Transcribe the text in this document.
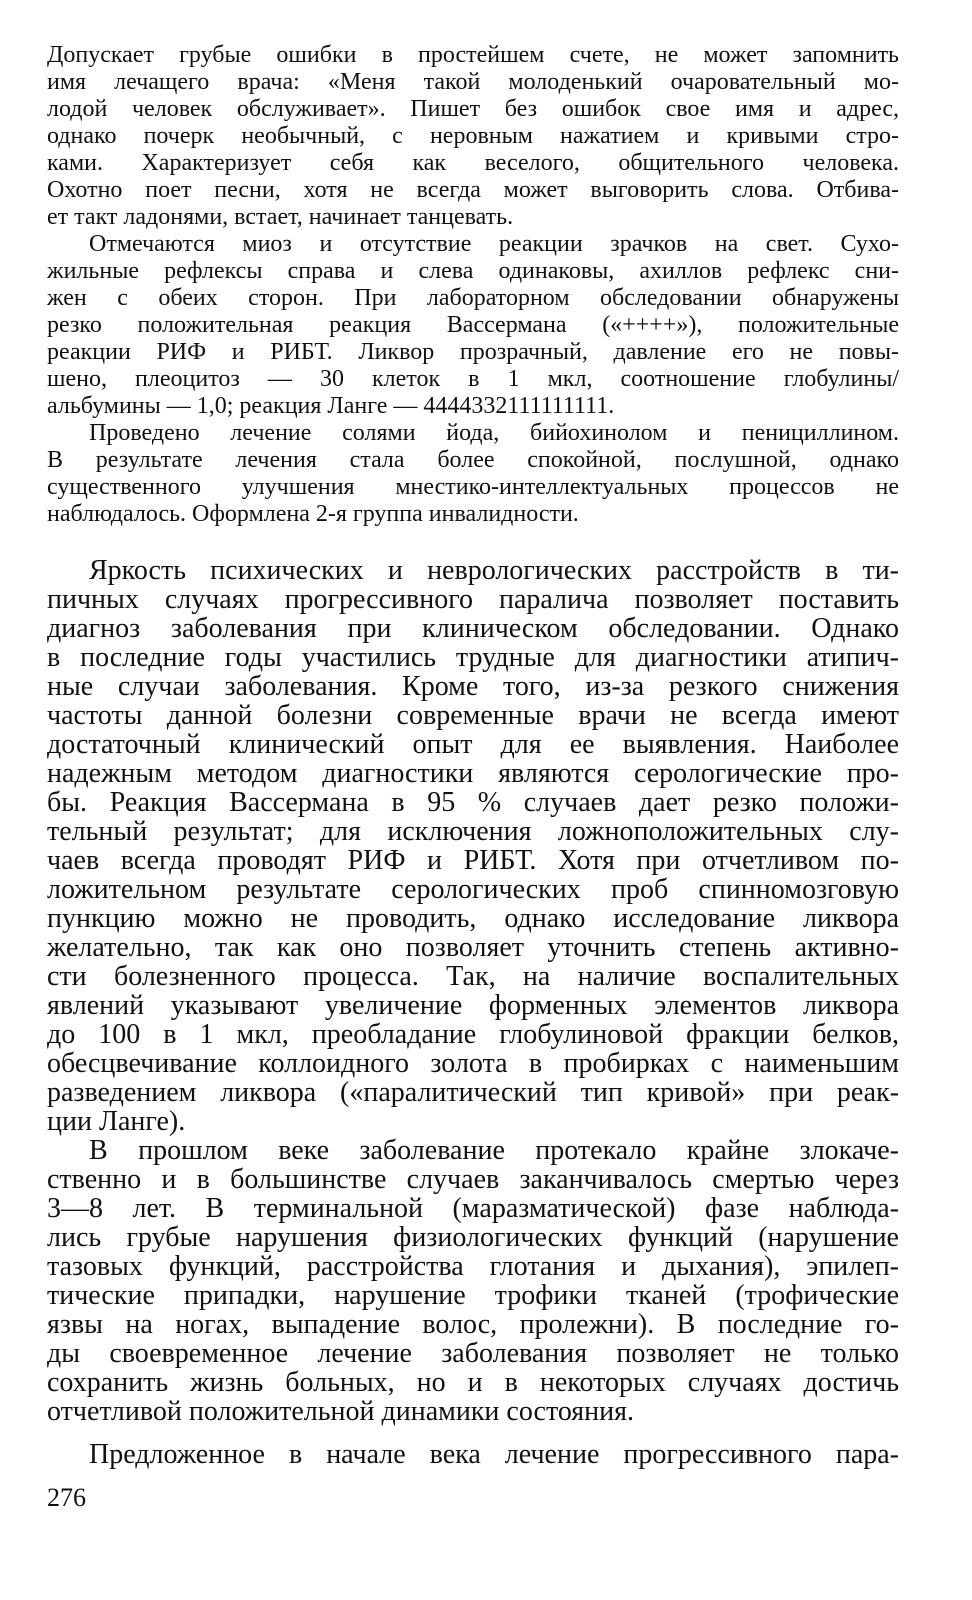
Допускает грубые ошибки в простейшем счете, не может запомнить
имя лечащего врача: «Меня такой молоденький очаровательный мо-
лодой человек обслуживает». Пишет без ошибок свое имя и адрес,
однако почерк необычный, с неровным нажатием и кривыми стро-
ками. Характеризует себя как веселого, общительного человека.
Охотно поет песни, хотя не всегда может выговорить слова. Отбива-
ет такт ладонями, встает, начинает танцевать.
Отмечаются миоз и отсутствие реакции зрачков на свет. Сухо-
жильные рефлексы справа и слева одинаковы, ахиллов рефлекс сни-
жен с обеих сторон. При лабораторном обследовании обнаружены
резко положительная реакция Вассермана («++++»), положительные
реакции РИФ и РИБТ. Ликвор прозрачный, давление его не повы-
шено, плеоцитоз — 30 клеток в 1 мкл, соотношение глобулины/
альбумины — 1,0; реакция Ланге — 4444332111111111.
Проведено лечение солями йода, бийохинолом и пенициллином.
В результате лечения стала более спокойной, послушной, однако
существенного улучшения мнестико-интеллектуальных процессов не
наблюдалось. Оформлена 2-я группа инвалидности.
Яркость психических и неврологических расстройств в ти-
пичных случаях прогрессивного паралича позволяет поставить
диагноз заболевания при клиническом обследовании. Однако
в последние годы участились трудные для диагностики атипич-
ные случаи заболевания. Кроме того, из-за резкого снижения
частоты данной болезни современные врачи не всегда имеют
достаточный клинический опыт для ее выявления. Наиболее
надежным методом диагностики являются серологические про-
бы. Реакция Вассермана в 95 % случаев дает резко положи-
тельный результат; для исключения ложноположительных слу-
чаев всегда проводят РИФ и РИБТ. Хотя при отчетливом по-
ложительном результате серологических проб спинномозговую
пункцию можно не проводить, однако исследование ликвора
желательно, так как оно позволяет уточнить степень активно-
сти болезненного процесса. Так, на наличие воспалительных
явлений указывают увеличение форменных элементов ликвора
до 100 в 1 мкл, преобладание глобулиновой фракции белков,
обесцвечивание коллоидного золота в пробирках с наименьшим
разведением ликвора («паралитический тип кривой» при реак-
ции Ланге).
В прошлом веке заболевание протекало крайне злокаче-
ственно и в большинстве случаев заканчивалось смертью через
3—8 лет. В терминальной (маразматической) фазе наблюда-
лись грубые нарушения физиологических функций (нарушение
тазовых функций, расстройства глотания и дыхания), эпилеп-
тические припадки, нарушение трофики тканей (трофические
язвы на ногах, выпадение волос, пролежни). В последние го-
ды своевременное лечение заболевания позволяет не только
сохранить жизнь больных, но и в некоторых случаях достичь
отчетливой положительной динамики состояния.
Предложенное в начале века лечение прогрессивного пара-
276
